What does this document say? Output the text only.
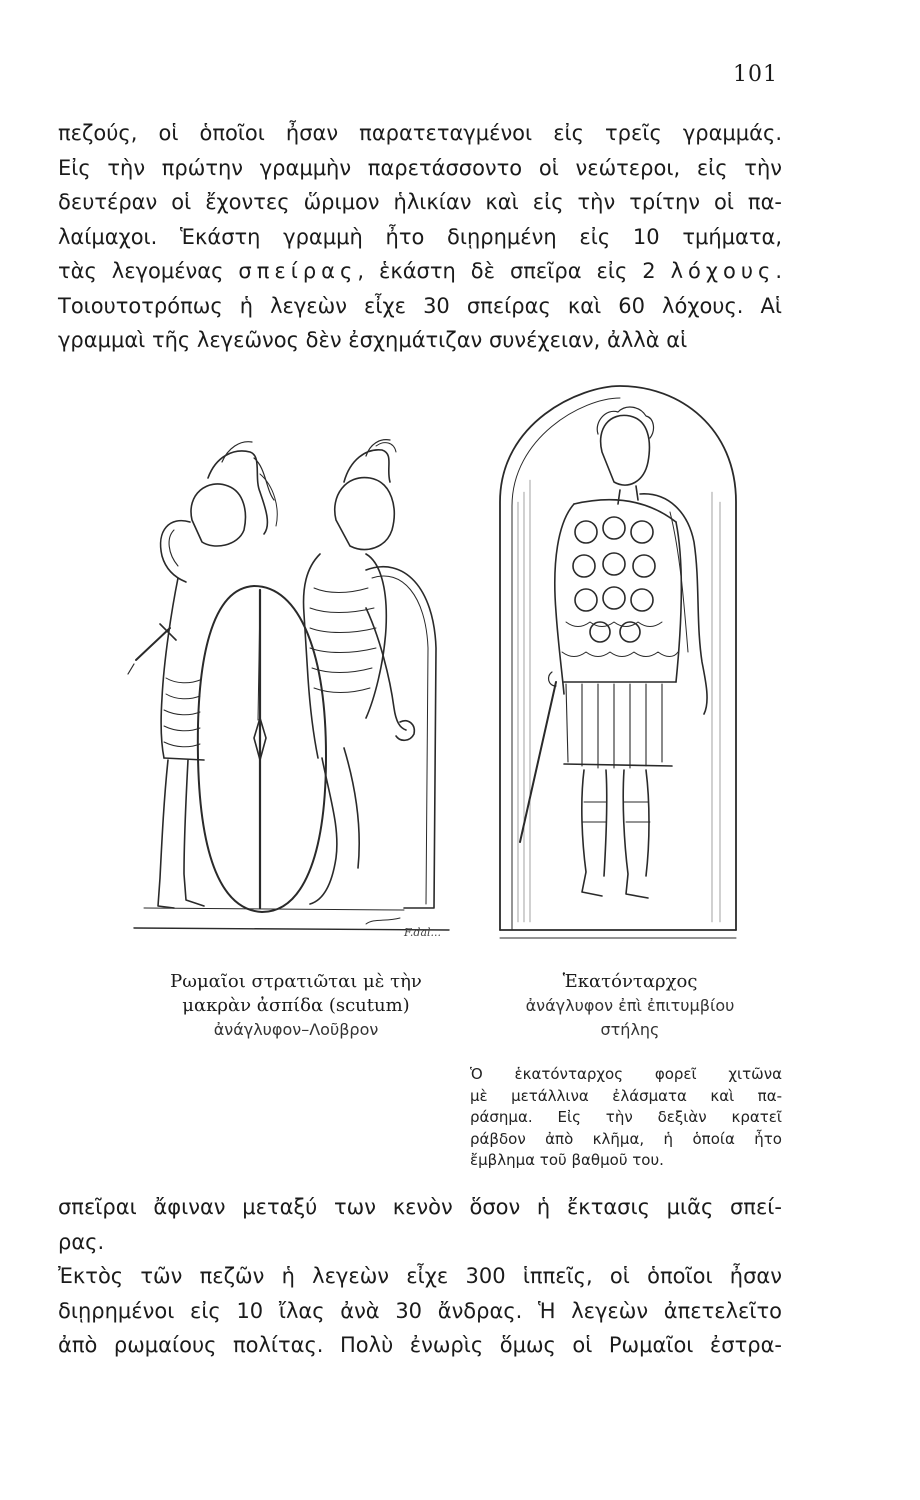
101
πεζούς, οἱ ὁποῖοι ἦσαν παρατεταγμένοι εἰς τρεῖς γραμμάς.
Εἰς τὴν πρώτην γραμμὴν παρετάσσοντο οἱ νεώτεροι, εἰς τὴν
δευτέραν οἱ ἔχοντες ὥριμον ἡλικίαν καὶ εἰς τὴν τρίτην οἱ πα-
λαίμαχοι. Ἑκάστη γραμμὴ ἦτο διῃρημένη εἰς 10 τμήματα,
τὰς λεγομένας σπείρας, ἑκάστη δὲ σπεῖρα εἰς 2 λόχους.
Τοιουτοτρόπως ἡ λεγεὼν εἶχε 30 σπείρας καὶ 60 λόχους. Αἱ
γραμμαὶ τῆς λεγεῶνος δὲν ἐσχημάτιζαν συνέχειαν, ἀλλὰ αἱ
F.dal...
Ρωμαῖοι στρατιῶται μὲ τὴν
μακρὰν ἀσπίδα (scutum)
ἀνάγλυφον–Λοῦβρον
Ἑκατόνταρχος
ἀνάγλυφον ἐπὶ ἐπιτυμβίου
στήλης
Ὁ ἑκατόνταρχος φορεῖ χιτῶνα
μὲ μετάλλινα ἐλάσματα καὶ πα-
ράσημα. Εἰς τὴν δεξιὰν κρατεῖ
ράβδον ἀπὸ κλῆμα, ἡ ὁποία ἦτο
ἔμβλημα τοῦ βαθμοῦ του.
σπεῖραι ἄφιναν μεταξύ των κενὸν ὅσον ἡ ἔκτασις μιᾶς σπεί-
ρας.
Ἐκτὸς τῶν πεζῶν ἡ λεγεὼν εἶχε 300 ἱππεῖς, οἱ ὁποῖοι ἦσαν
διῃρημένοι εἰς 10 ἴλας ἀνὰ 30 ἄνδρας. Ἡ λεγεὼν ἀπετελεῖτο
ἀπὸ ρωμαίους πολίτας. Πολὺ ἐνωρὶς ὅμως οἱ Ρωμαῖοι ἐστρα-
